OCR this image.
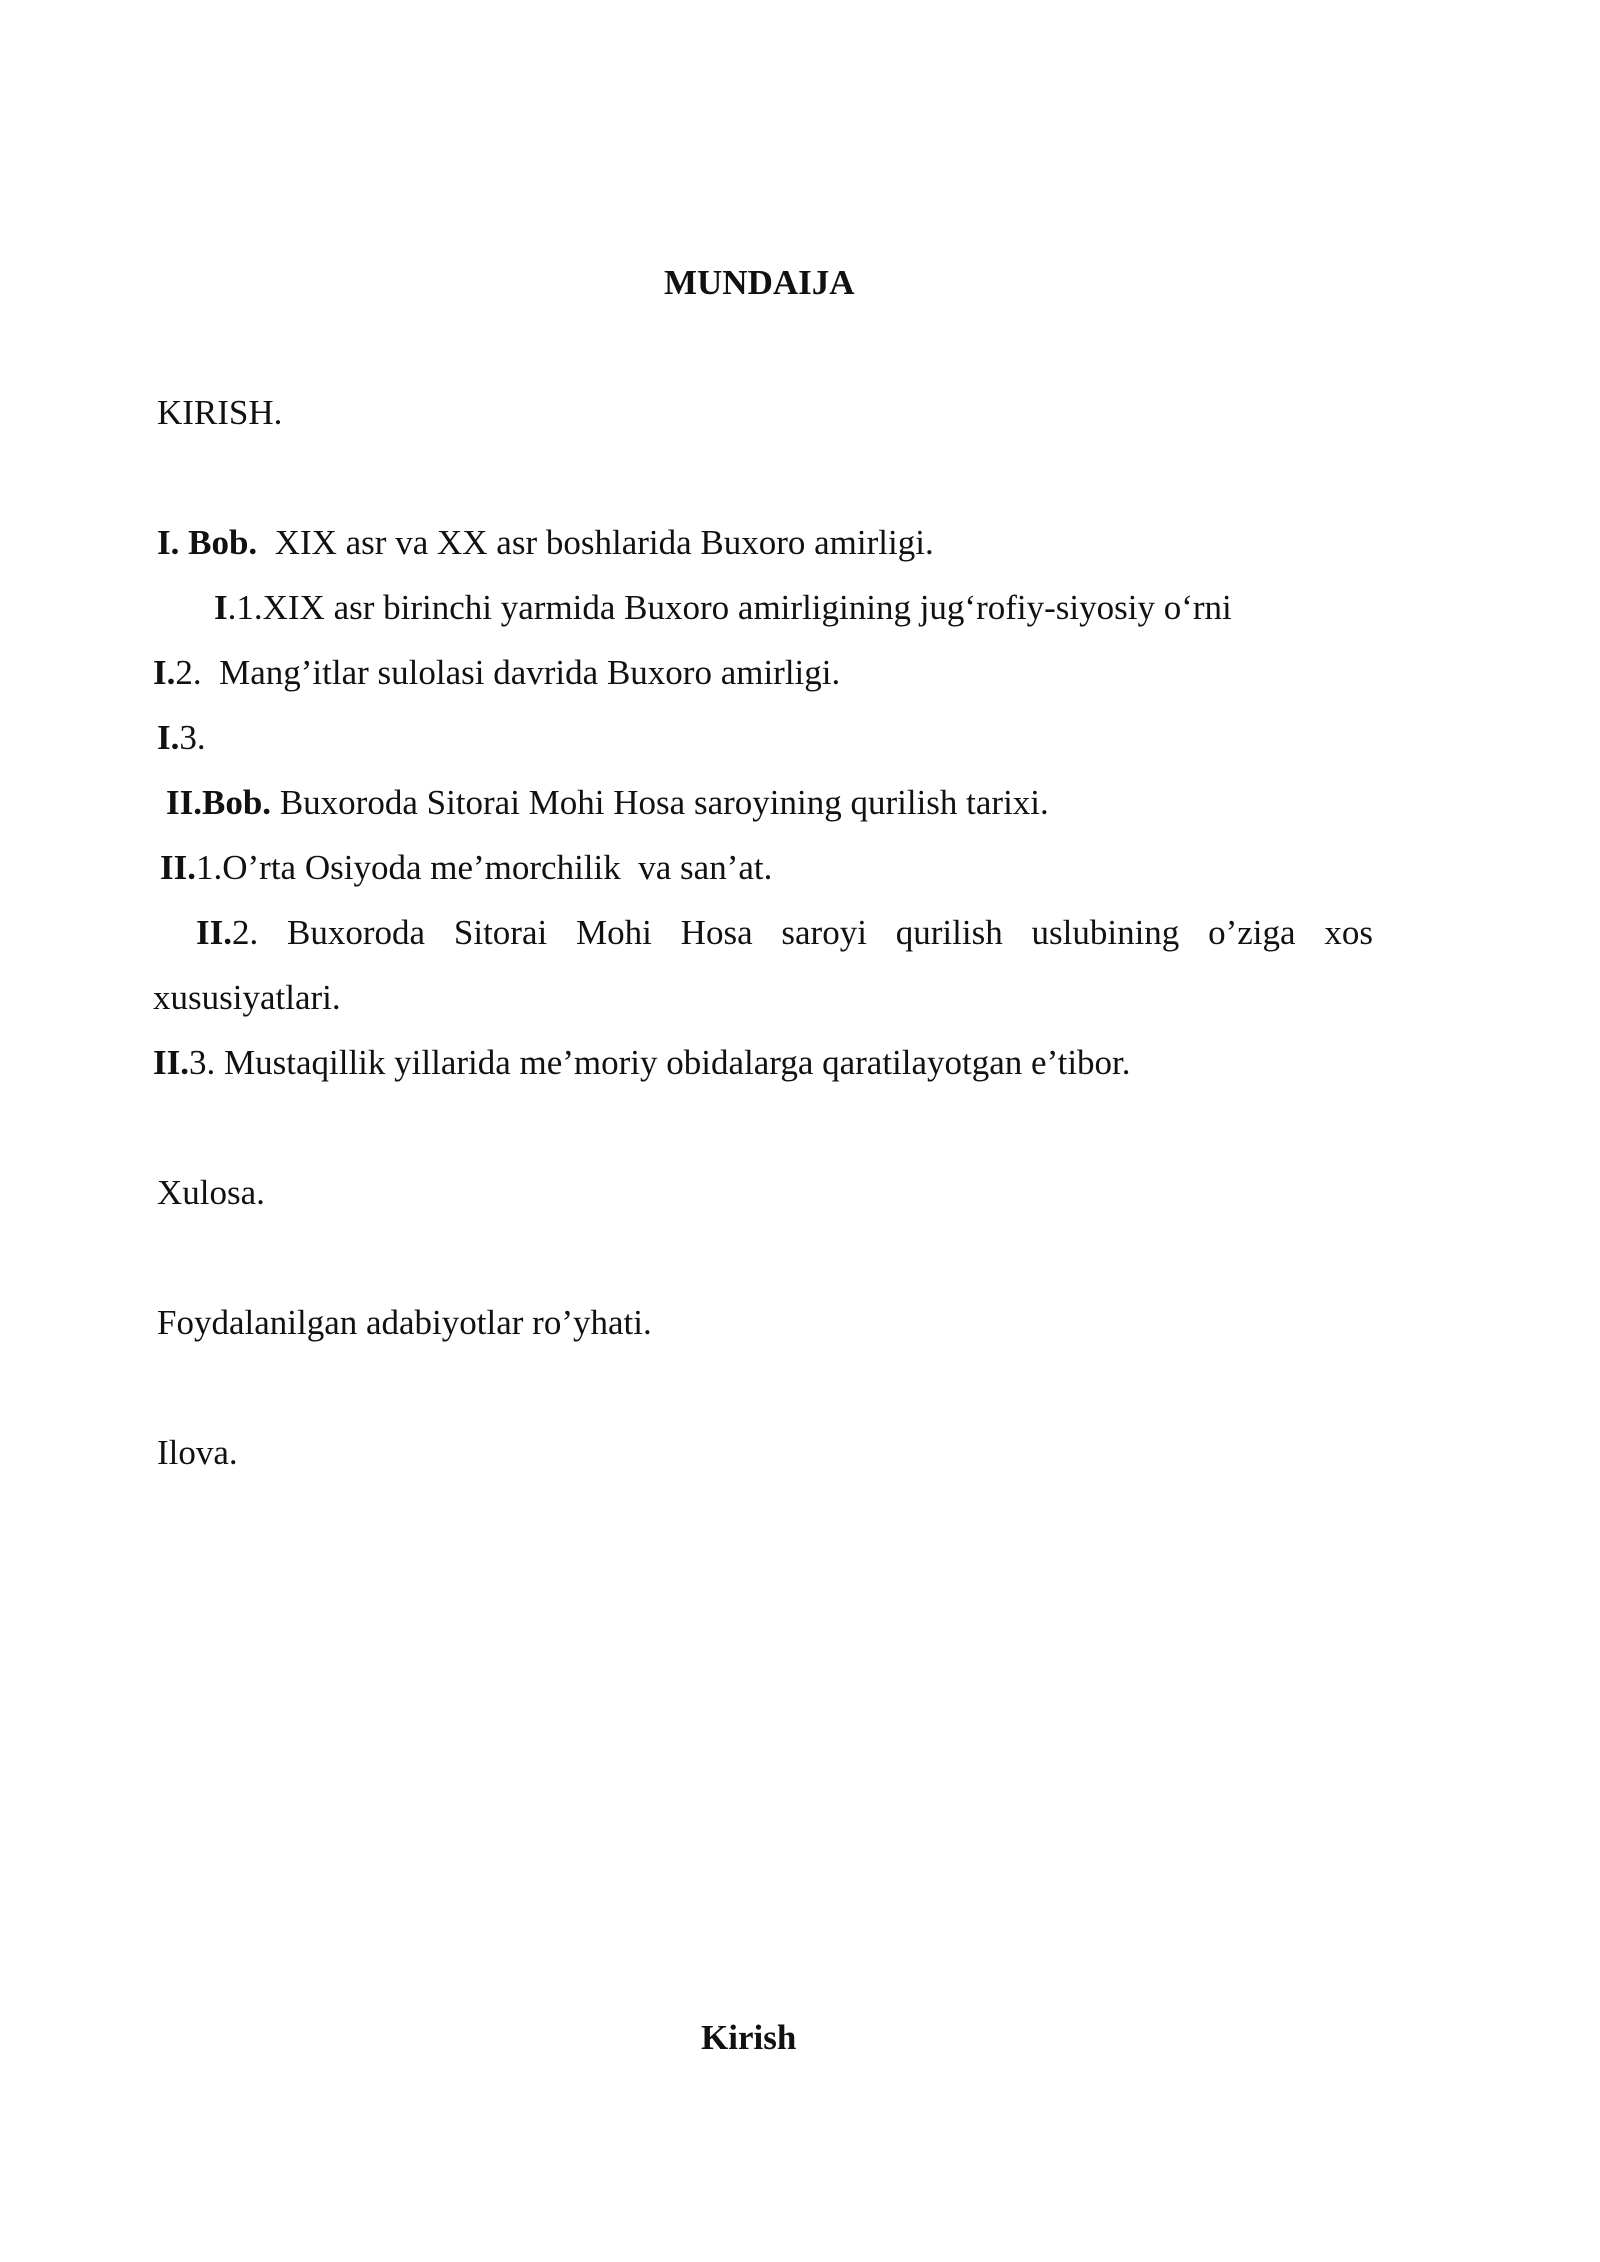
MUNDAIJA
KIRISH.
I. Bob.  XIX asr va XX asr boshlarida Buxoro amirligi.
I.1.XIX asr birinchi yarmida Buxoro amirligining jug‘rofiy-siyosiy o‘rni
I.2.  Mang’itlar sulolasi davrida Buxoro amirligi.
I.3.
II.Bob. Buxoroda Sitorai Mohi Hosa saroyining qurilish tarixi.
II.1.O’rta Osiyoda me’morchilik  va san’at.
II.2. Buxoroda Sitorai Mohi Hosa saroyi qurilish uslubining o’ziga xos
xususiyatlari.
II.3. Mustaqillik yillarida me’moriy obidalarga qaratilayotgan e’tibor.
Xulosa.
Foydalanilgan adabiyotlar ro’yhati.
Ilova.
Kirish
